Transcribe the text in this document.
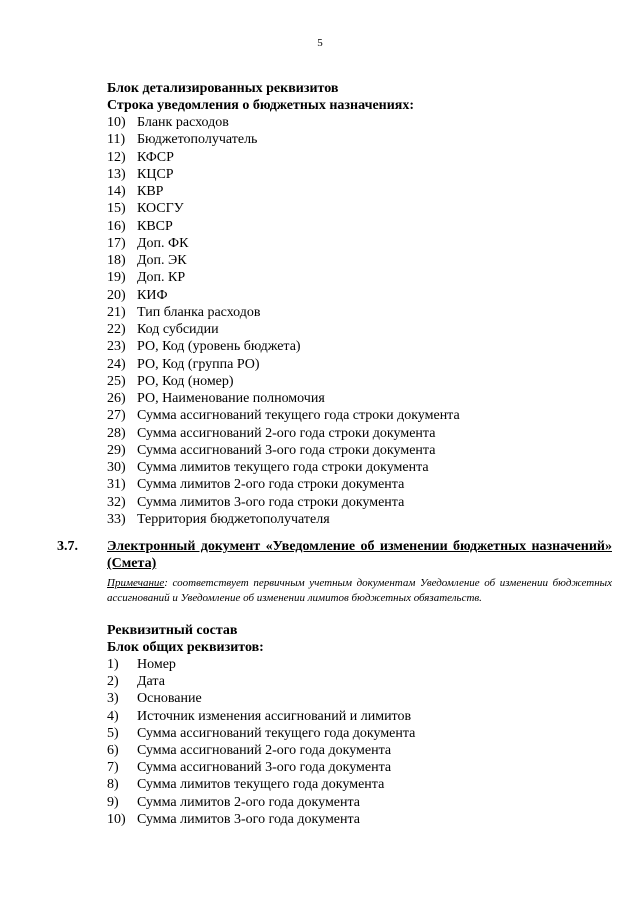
5
Блок детализированных реквизитов
Строка уведомления о бюджетных назначениях:
10) Бланк расходов
11) Бюджетополучатель
12) КФСР
13) КЦСР
14) КВР
15) КОСГУ
16) КВСР
17) Доп. ФК
18) Доп. ЭК
19) Доп. КР
20) КИФ
21) Тип бланка расходов
22) Код субсидии
23) РО, Код (уровень бюджета)
24) РО, Код (группа РО)
25) РО, Код (номер)
26) РО, Наименование полномочия
27) Сумма ассигнований текущего года строки документа
28) Сумма ассигнований 2-ого года строки документа
29) Сумма ассигнований 3-ого года строки документа
30) Сумма лимитов текущего года строки документа
31) Сумма лимитов 2-ого года строки документа
32) Сумма лимитов 3-ого года строки документа
33) Территория бюджетополучателя
3.7. Электронный документ «Уведомление об изменении бюджетных назначений» (Смета)
Примечание: соответствует первичным учетным документам Уведомление об изменении бюджетных ассигнований и Уведомление об изменении лимитов бюджетных обязательств.
Реквизитный состав
Блок общих реквизитов:
1)	Номер
2)	Дата
3)	Основание
4)	Источник изменения ассигнований и лимитов
5)	Сумма ассигнований текущего года документа
6)	Сумма ассигнований 2-ого года документа
7)	Сумма ассигнований 3-ого года документа
8)	Сумма лимитов текущего года документа
9)	Сумма лимитов 2-ого года документа
10) Сумма лимитов 3-ого года документа
